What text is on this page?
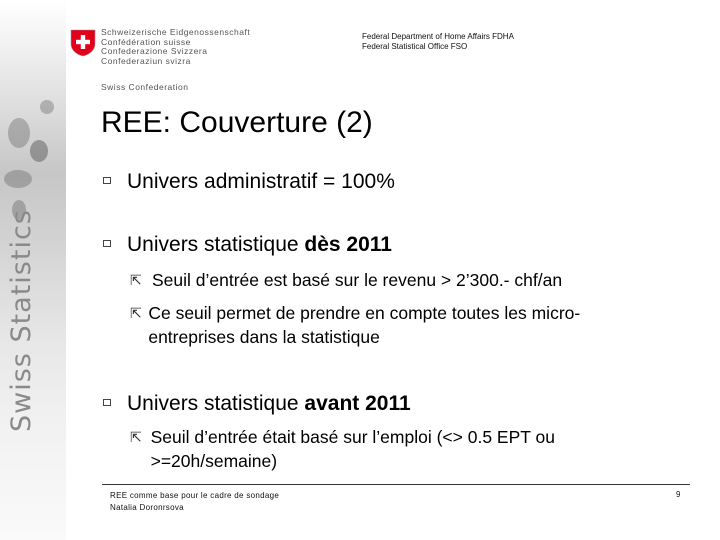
Swiss Statistics
Schweizerische Eidgenossenschaft
Confédération suisse
Confederazione Svizzera
Confederaziun svizra
Swiss Confederation
Federal Department of Home Affairs FDHA
Federal Statistical Office FSO
REE: Couverture (2)
Univers administratif = 100%
Univers statistique dès 2011
⇱ Seuil d’entrée est basé sur le revenu > 2’300.- chf/an
⇱ Ce seuil permet de prendre en compte toutes les micro-entreprises dans la statistique
Univers statistique avant 2011
⇱ Seuil d’entrée était basé sur l’emploi (<> 0.5 EPT ou >=20h/semaine)
REE comme base pour le cadre de sondage
Natalia Doronrsova
9
